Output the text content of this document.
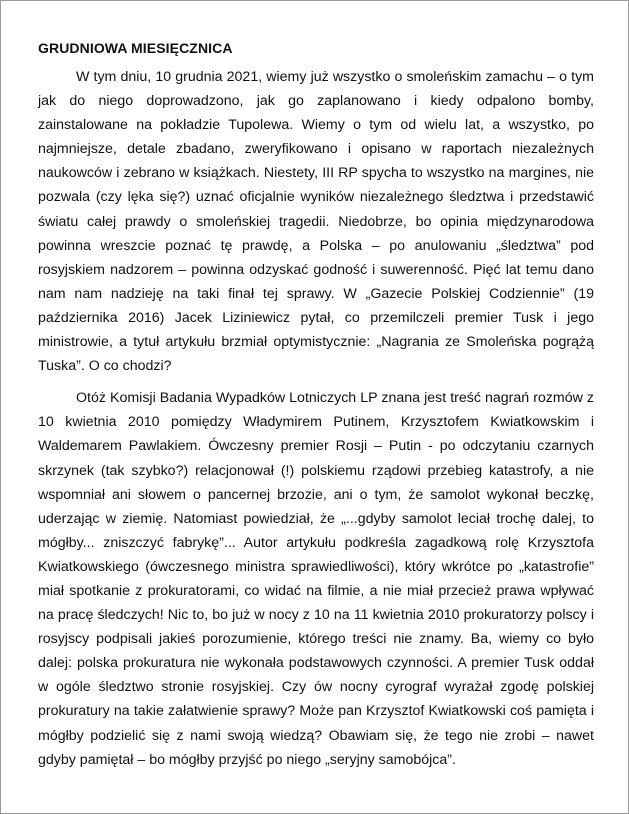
GRUDNIOWA MIESIĘCZNICA

W tym dniu, 10 grudnia 2021, wiemy już wszystko o smoleńskim zamachu – o tym jak do niego doprowadzono, jak go zaplanowano i kiedy odpalono bomby, zainstalowane na pokładzie Tupolewa. Wiemy o tym od wielu lat, a wszystko, po najmniejsze, detale zbadano, zweryfikowano i opisano w raportach niezależnych naukowców i zebrano w książkach. Niestety, III RP spycha to wszystko na margines, nie pozwala (czy lęka się?) uznać oficjalnie wyników niezależnego śledztwa i przedstawić światu całej prawdy o smoleńskiej tragedii. Niedobrze, bo opinia międzynarodowa powinna wreszcie poznać tę prawdę, a Polska – po anulowaniu „śledztwa” pod rosyjskiem nadzorem – powinna odzyskać godność i suwerenność. Pięć lat temu dano nam nam nadzieję na taki finał tej sprawy. W „Gazecie Polskiej Codziennie” (19 października 2016) Jacek Liziniewicz pytał, co przemilczeli premier Tusk i jego ministrowie, a tytuł artykułu brzmiał optymistycznie: „Nagrania ze Smoleńska pogrążą Tuska”. O co chodzi?

Otóż Komisji Badania Wypadków Lotniczych LP znana jest treść nagrań rozmów z 10 kwietnia 2010 pomiędzy Władymirem Putinem, Krzysztofem Kwiatkowskim i Waldemarem Pawlakiem. Ówczesny premier Rosji – Putin - po odczytaniu czarnych skrzynek (tak szybko?) relacjonował (!) polskiemu rządowi przebieg katastrofy, a nie wspomniał ani słowem o pancernej brzozie, ani o tym, że samolot wykonał beczkę, uderzając w ziemię. Natomiast powiedział, że „...gdyby samolot leciał trochę dalej, to mógłby... zniszczyć fabrykę”... Autor artykułu podkreśla zagadkową rolę Krzysztofa Kwiatkowskiego (ówczesnego ministra sprawiedliwości), który wkrótce po „katastrofie” miał spotkanie z prokuratorami, co widać na filmie, a nie miał przecież prawa wpływać na pracę śledczych! Nic to, bo już w nocy z 10 na 11 kwietnia 2010 prokuratorzy polscy i rosyjscy podpisali jakieś porozumienie, którego treści nie znamy. Ba, wiemy co było dalej: polska prokuratura nie wykonała podstawowych czynności. A premier Tusk oddał w ogóle śledztwo stronie rosyjskiej. Czy ów nocny cyrograf wyrażał zgodę polskiej prokuratury na takie załatwienie sprawy? Może pan Krzysztof Kwiatkowski coś pamięta i mógłby podzielić się z nami swoją wiedzą? Obawiam się, że tego nie zrobi – nawet gdyby pamiętał – bo mógłby przyjść po niego „seryjny samobójca”.
